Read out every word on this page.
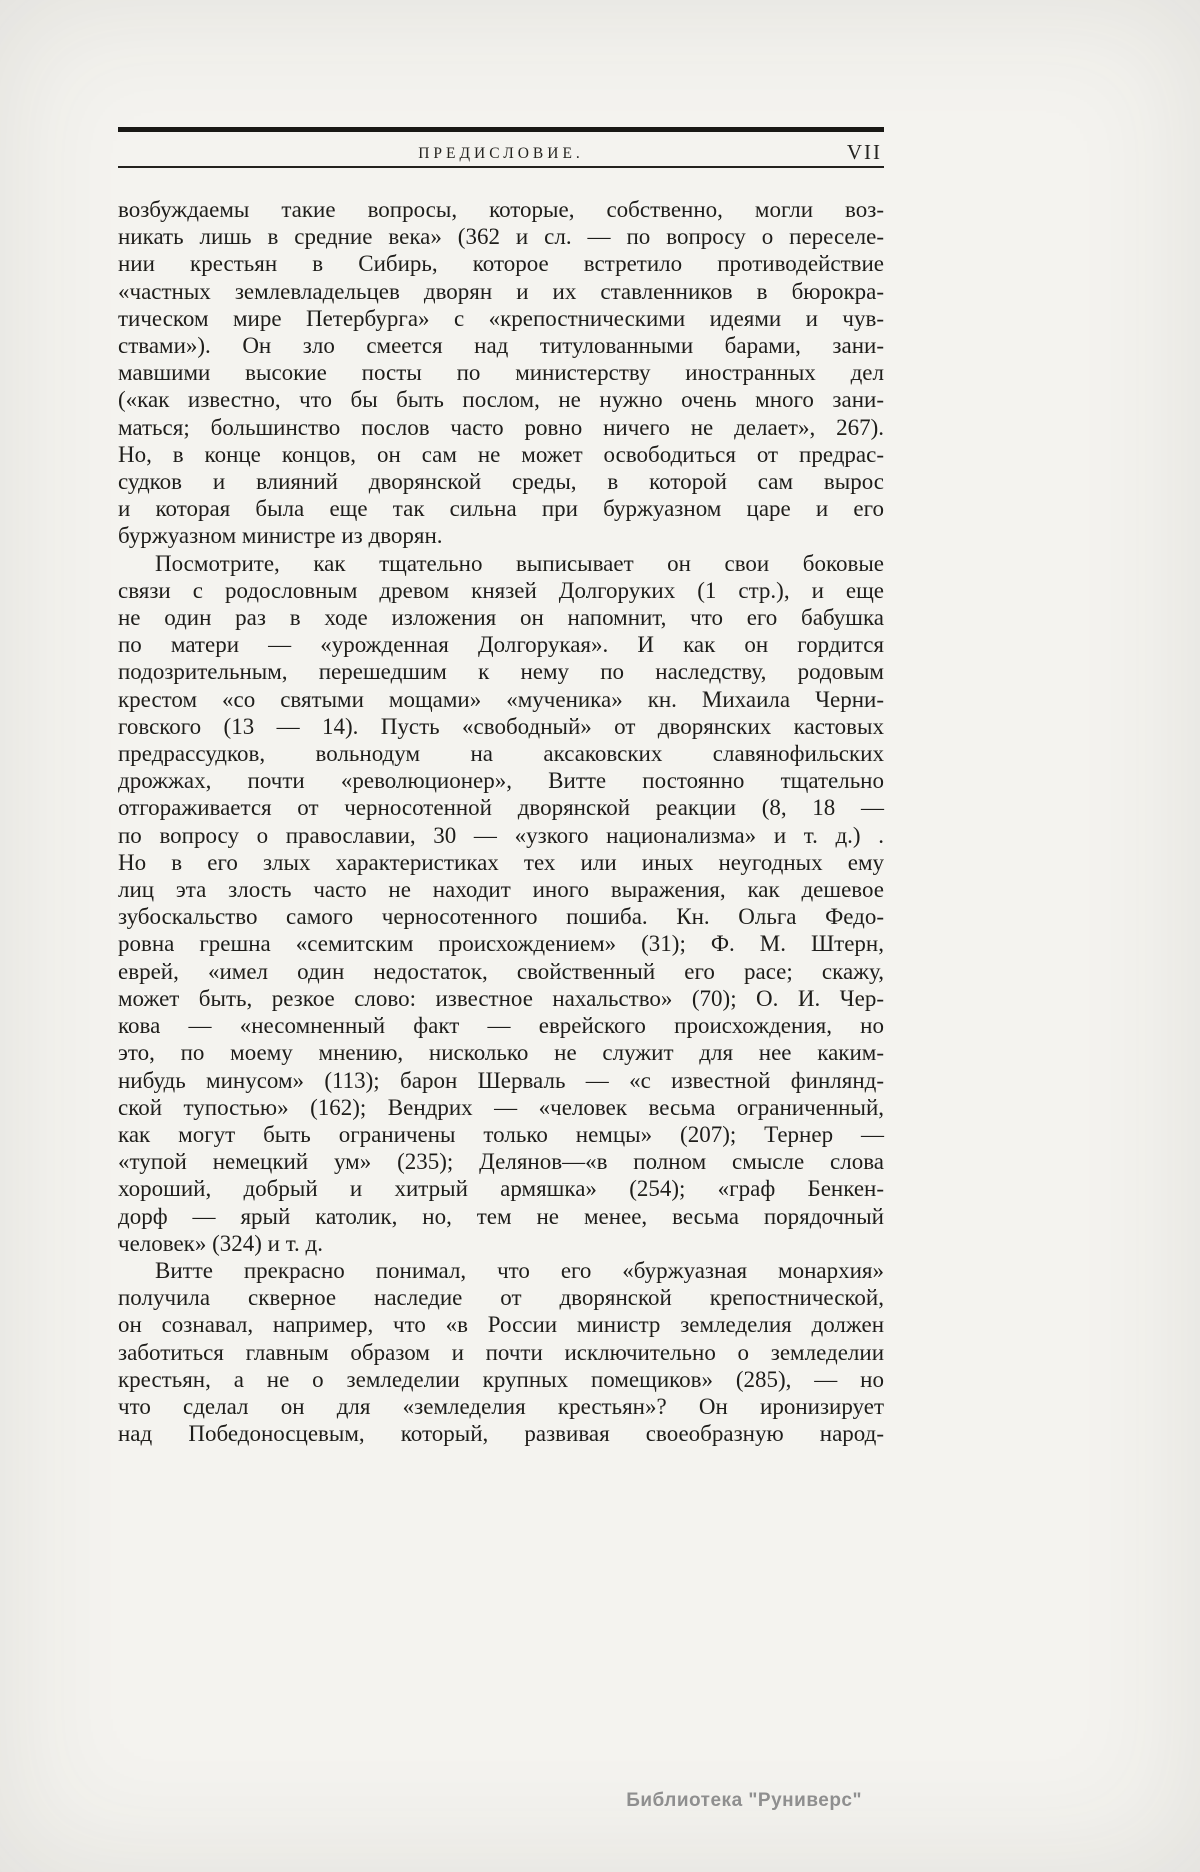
ПРЕДИСЛОВИЕ.	VII

возбуждаемы такие вопросы, которые, собственно, могли воз-
никать лишь в средние века» (362 и сл. — по вопросу о переселе-
нии крестьян в Сибирь, которое встретило противодействие
«частных землевладельцев дворян и их ставленников в бюрокра-
тическом мире Петербурга» с «крепостническими идеями и чув-
ствами»). Он зло смеется над титулованными барами, зани-
мавшими высокие посты по министерству иностранных дел
(«как известно, что бы быть послом, не нужно очень много зани-
маться; большинство послов часто ровно ничего не делает», 267).
Но, в конце концов, он сам не может освободиться от предрас-
судков и влияний дворянской среды, в которой сам вырос
и которая была еще так сильна при буржуазном царе и его
буржуазном министре из дворян.

Посмотрите, как тщательно выписывает он свои боковые
связи с родословным древом князей Долгоруких (1 стр.), и еще
не один раз в ходе изложения он напомнит, что его бабушка
по матери — «урожденная Долгорукая». И как он гордится
подозрительным, перешедшим к нему по наследству, родовым
крестом «со святыми мощами» «мученика» кн. Михаила Черни-
говского (13 — 14). Пусть «свободный» от дворянских кастовых
предрассудков, вольнодум на аксаковских славянофильских
дрожжах, почти «революционер», Витте постоянно тщательно
отгораживается от черносотенной дворянской реакции (8, 18 —
по вопросу о православии, 30 — «узкого национализма» и т. д.) .
Но в его злых характеристиках тех или иных неугодных ему
лиц эта злость часто не находит иного выражения, как дешевое
зубоскальство самого черносотенного пошиба. Кн. Ольга Федо-
ровна грешна «семитским происхождением» (31); Ф. М. Штерн,
еврей, «имел один недостаток, свойственный его расе; скажу,
может быть, резкое слово: известное нахальство» (70); О. И. Чер-
кова — «несомненный факт — еврейского происхождения, но
это, по моему мнению, нисколько не служит для нее каким-
нибудь минусом» (113); барон Шерваль — «с известной финлянд-
ской тупостью» (162); Вендрих — «человек весьма ограниченный,
как могут быть ограничены только немцы» (207); Тернер —
«тупой немецкий ум» (235); Делянов—«в полном смысле слова
хороший, добрый и хитрый армяшка» (254); «граф Бенкен-
дорф — ярый католик, но, тем не менее, весьма порядочный
человек» (324) и т. д.

Витте прекрасно понимал, что его «буржуазная монархия»
получила скверное наследие от дворянской крепостнической,
он сознавал, например, что «в России министр земледелия должен
заботиться главным образом и почти исключительно о земледелии
крестьян, а не о земледелии крупных помещиков» (285), — но
что сделал он для «земледелия крестьян»? Он иронизирует
над Победоносцевым, который, развивая своеобразную народ-

Библиотека "Руниверс"
